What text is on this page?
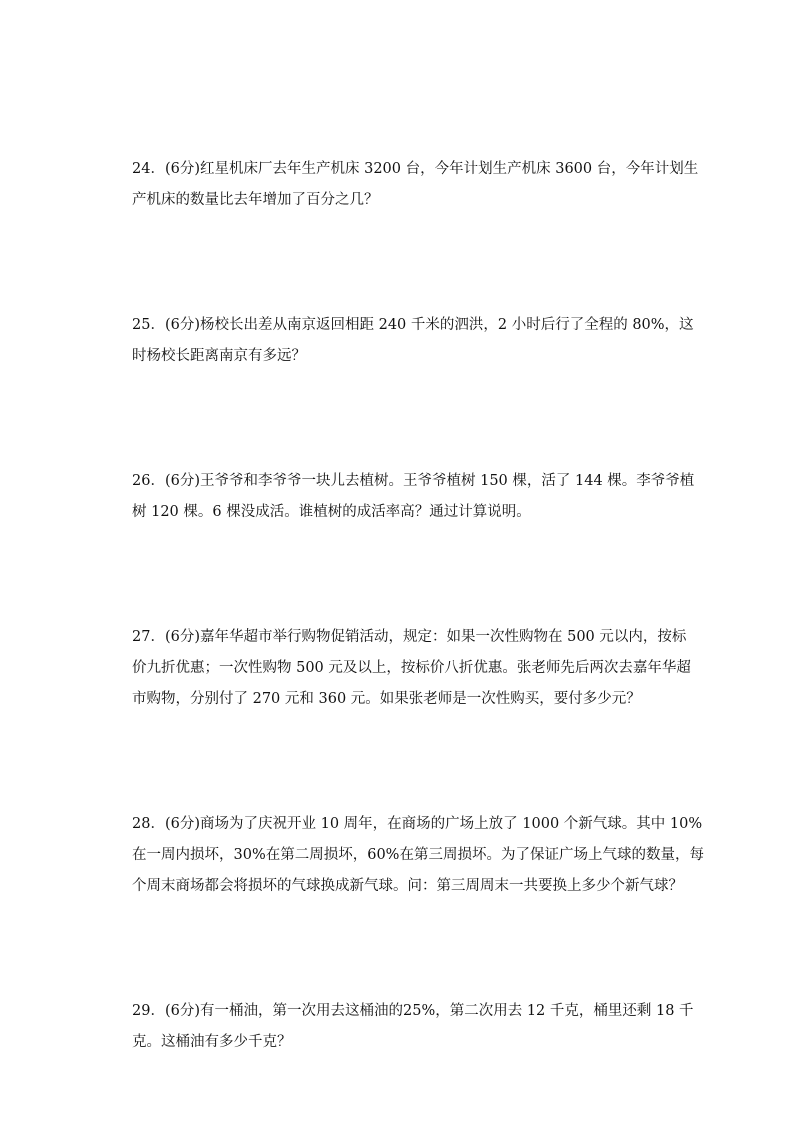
24．(6分)红星机床厂去年生产机床 3200 台，今年计划生产机床 3600 台，今年计划生
产机床的数量比去年增加了百分之几？
25．(6分)杨校长出差从南京返回相距 240 千米的泗洪，2 小时后行了全程的 80%，这
时杨校长距离南京有多远？
26．(6分)王爷爷和李爷爷一块儿去植树。王爷爷植树 150 棵，活了 144 棵。李爷爷植
树 120 棵。6 棵没成活。谁植树的成活率高？通过计算说明。
27．(6分)嘉年华超市举行购物促销活动，规定：如果一次性购物在 500 元以内，按标
价九折优惠；一次性购物 500 元及以上，按标价八折优惠。张老师先后两次去嘉年华超
市购物，分别付了 270 元和 360 元。如果张老师是一次性购买，要付多少元？
28．(6分)商场为了庆祝开业 10 周年，在商场的广场上放了 1000 个新气球。其中 10%
在一周内损坏，30%在第二周损坏，60%在第三周损坏。为了保证广场上气球的数量，每
个周末商场都会将损坏的气球换成新气球。问：第三周周末一共要换上多少个新气球？
29．(6分)有一桶油，第一次用去这桶油的25%，第二次用去 12 千克，桶里还剩 18 千
克。这桶油有多少千克？
